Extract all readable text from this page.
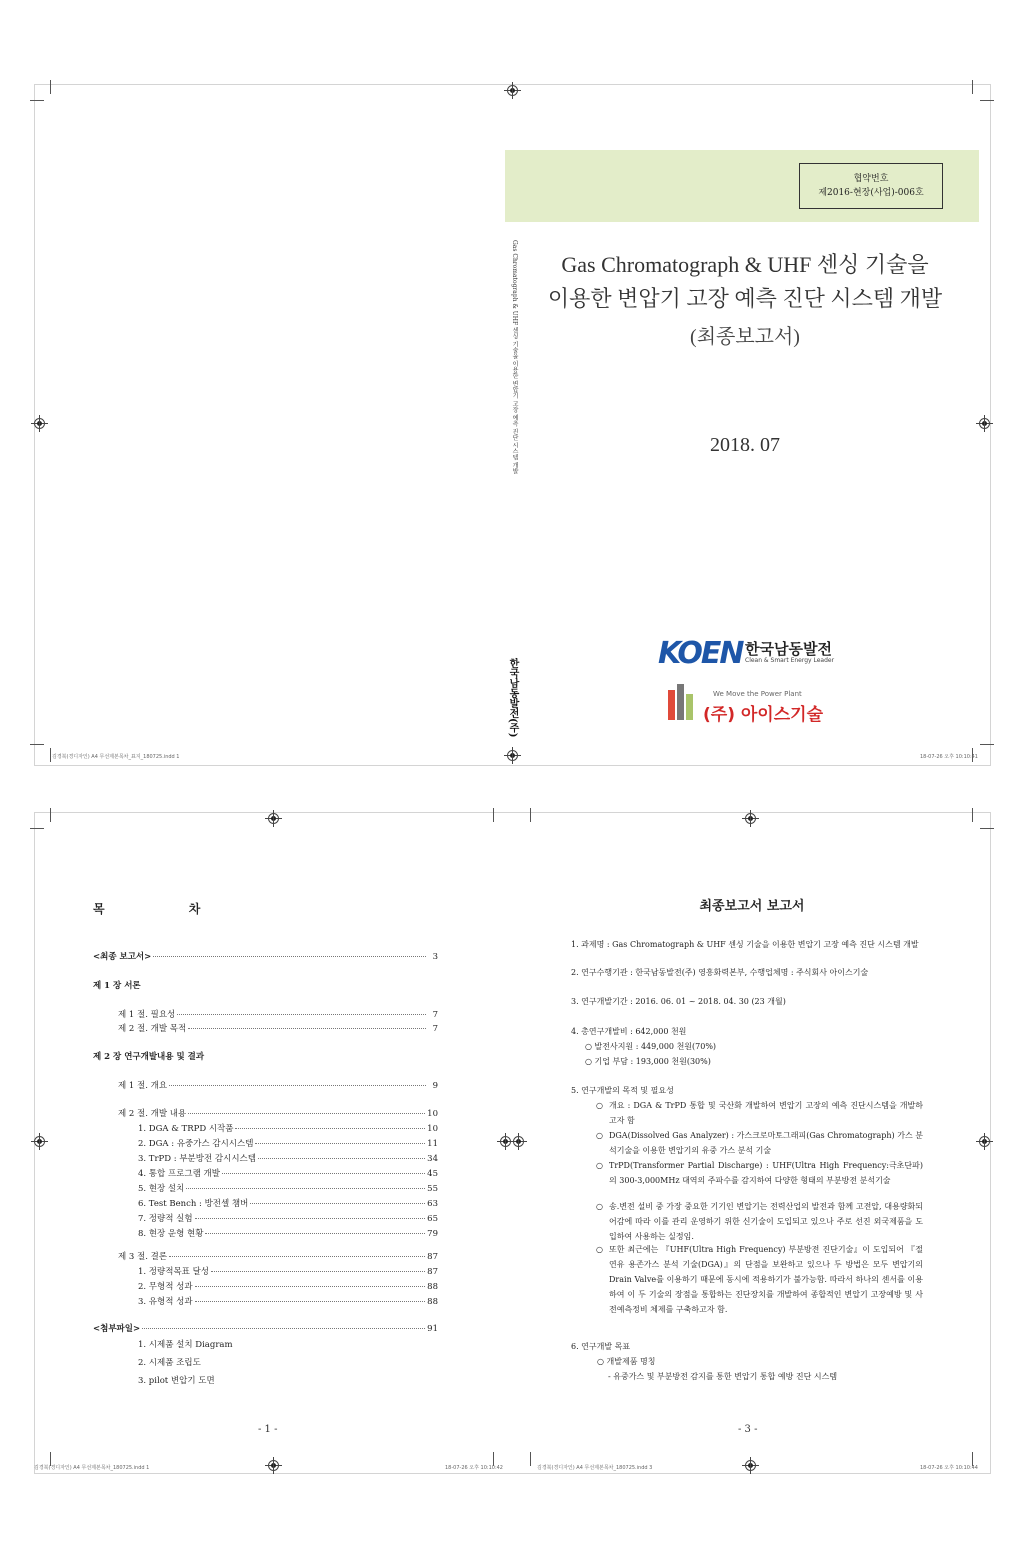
협약번호
제2016-현장(사업)-006호
Gas Chromatograph & UHF 센싱 기술을 이용한 변압기 고장 예측 진단 시스템 개발
한국남동발전(주)
Gas Chromatograph & UHF 센싱 기술을
이용한 변압기 고장 예측 진단 시스템 개발
(최종보고서)
2018. 07
KOEN 한국남동발전
Clean & Smart Energy Leader
We Move the Power Plant
(주) 아이스기술
김경북(경디자인) A4 무선제본목차_표지_180725.indd 1	18-07-26 오후 10:10:41
목 차
<최종 보고서>	3
제 1 장 서론
제 1 절. 필요성	7
제 2 절. 개발 목적	7
제 2 장 연구개발내용 및 결과
제 1 절. 개요	9
제 2 절. 개발 내용	10
1. DGA & TRPD 시작품	10
2. DGA : 유중가스 감시시스템	11
3. TrPD : 부분방전 감시시스템	34
4. 통합 프로그램 개발	45
5. 현장 설치	55
6. Test Bench : 방전셀 챔버	63
7. 정량적 실험	65
8. 현장 운형 현황	79
제 3 절. 결론	87
1. 정량적목표 달성	87
2. 무형적 성과	88
3. 유형적 성과	88
<첨부파일>	91
1. 시제품 설치 Diagram
2. 시제품 조립도
3. pilot 변압기 도면
- 1 -
김경북(경디자인) A4 무선제본목차_180725.indd 1	18-07-26 오후 10:10:42
최종보고서 보고서
1. 과제명 : Gas Chromatograph & UHF 센싱 기술을 이용한 변압기 고장 예측 진단 시스템 개발
2. 연구수행기관 : 한국남동발전(주) 영흥화력본부, 수행업체명 : 주식회사 아이스기술
3. 연구개발기간 : 2016. 06. 01 ~ 2018. 04. 30 (23 개월)
4. 총연구개발비 : 642,000 천원
○ 발전사지원 : 449,000 천원(70%)
○ 기업 부담 : 193,000 천원(30%)
5. 연구개발의 목적 및 필요성
○ 개요 : DGA & TrPD 통합 및 국산화 개발하여 변압기 고장의 예측 진단시스템을 개발하고자 함
○ DGA(Dissolved Gas Analyzer) : 가스크로마토그래피(Gas Chromatograph) 가스 분석기술을 이용한 변압기의 유중 가스 분석 기술
○ TrPD(Transformer Partial Discharge) : UHF(Ultra High Frequency:극초단파)의 300-3,000MHz 대역의 주파수를 감지하여 다양한 형태의 부분방전 분석기술
○ 송.변전 설비 중 가장 중요한 기기인 변압기는 전력산업의 발전과 함께 고전압, 대용량화되어감에 따라 이를 관리 운영하기 위한 신기술이 도입되고 있으나 주로 선진 외국제품을 도입하여 사용하는 실정임.
○ 또한 최근에는 『UHF(Ultra High Frequency) 부분방전 진단기술』이 도입되어 『절연유 용존가스 분석 기술(DGA)』의 단점을 보완하고 있으나 두 방법은 모두 변압기의 Drain Valve를 이용하기 때문에 동시에 적용하기가 불가능함. 따라서 하나의 센서를 이용하여 이 두 기술의 장점을 통합하는 진단장치를 개발하여 종합적인 변압기 고장예방 및 사전예측정비 체제를 구축하고자 함.
6. 연구개발 목표
○ 개발제품 명칭
- 유중가스 및 부분방전 감지를 통한 변압기 통합 예방 진단 시스템
- 3 -
김경북(경디자인) A4 무선제본목차_180725.indd 3	18-07-26 오후 10:10:44
